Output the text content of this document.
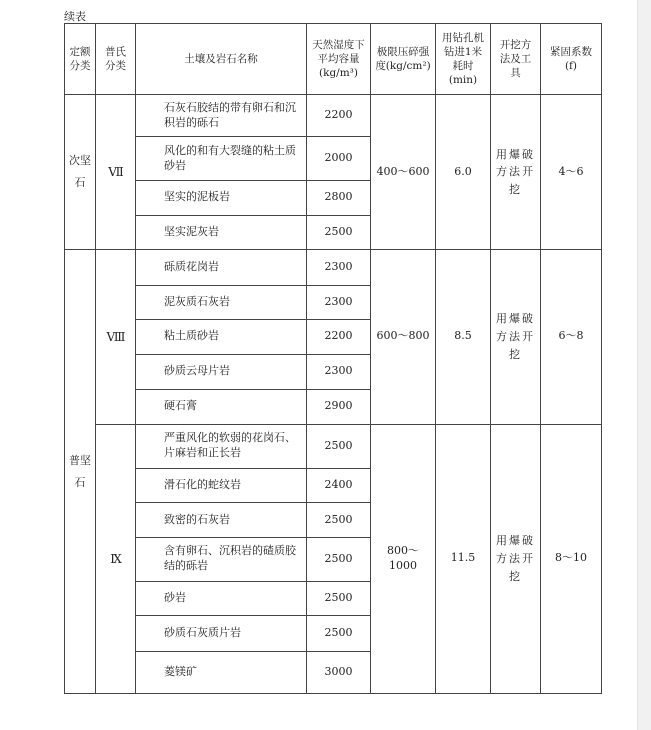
续表
定额分类	普氏分类	土壤及岩石名称	天然湿度下平均容量(kg/m³)	极限压碎强度(kg/cm²)	用钻孔机钻进1米耗时(min)	开挖方法及工具	紧固系数(f)
次坚石	Ⅶ	石灰石胶结的带有卵石和沉积岩的砾石	2200	400～600	6.0	用爆破方法开挖	4～6
		风化的和有大裂缝的粘土质砂岩	2000				
		坚实的泥板岩	2800				
		坚实泥灰岩	2500				
普坚石	Ⅷ	砾质花岗岩	2300	600～800	8.5	用爆破方法开挖	6～8
		泥灰质石灰岩	2300				
		粘土质砂岩	2200				
		砂质云母片岩	2300				
		硬石膏	2900				
	Ⅸ	严重风化的软弱的花岗石、片麻岩和正长岩	2500	800～1000	11.5	用爆破方法开挖	8～10
		滑石化的蛇纹岩	2400				
		致密的石灰岩	2500				
		含有卵石、沉积岩的碴质胶结的砾岩	2500				
		砂岩	2500				
		砂质石灰质片岩	2500				
		菱镁矿	3000				
